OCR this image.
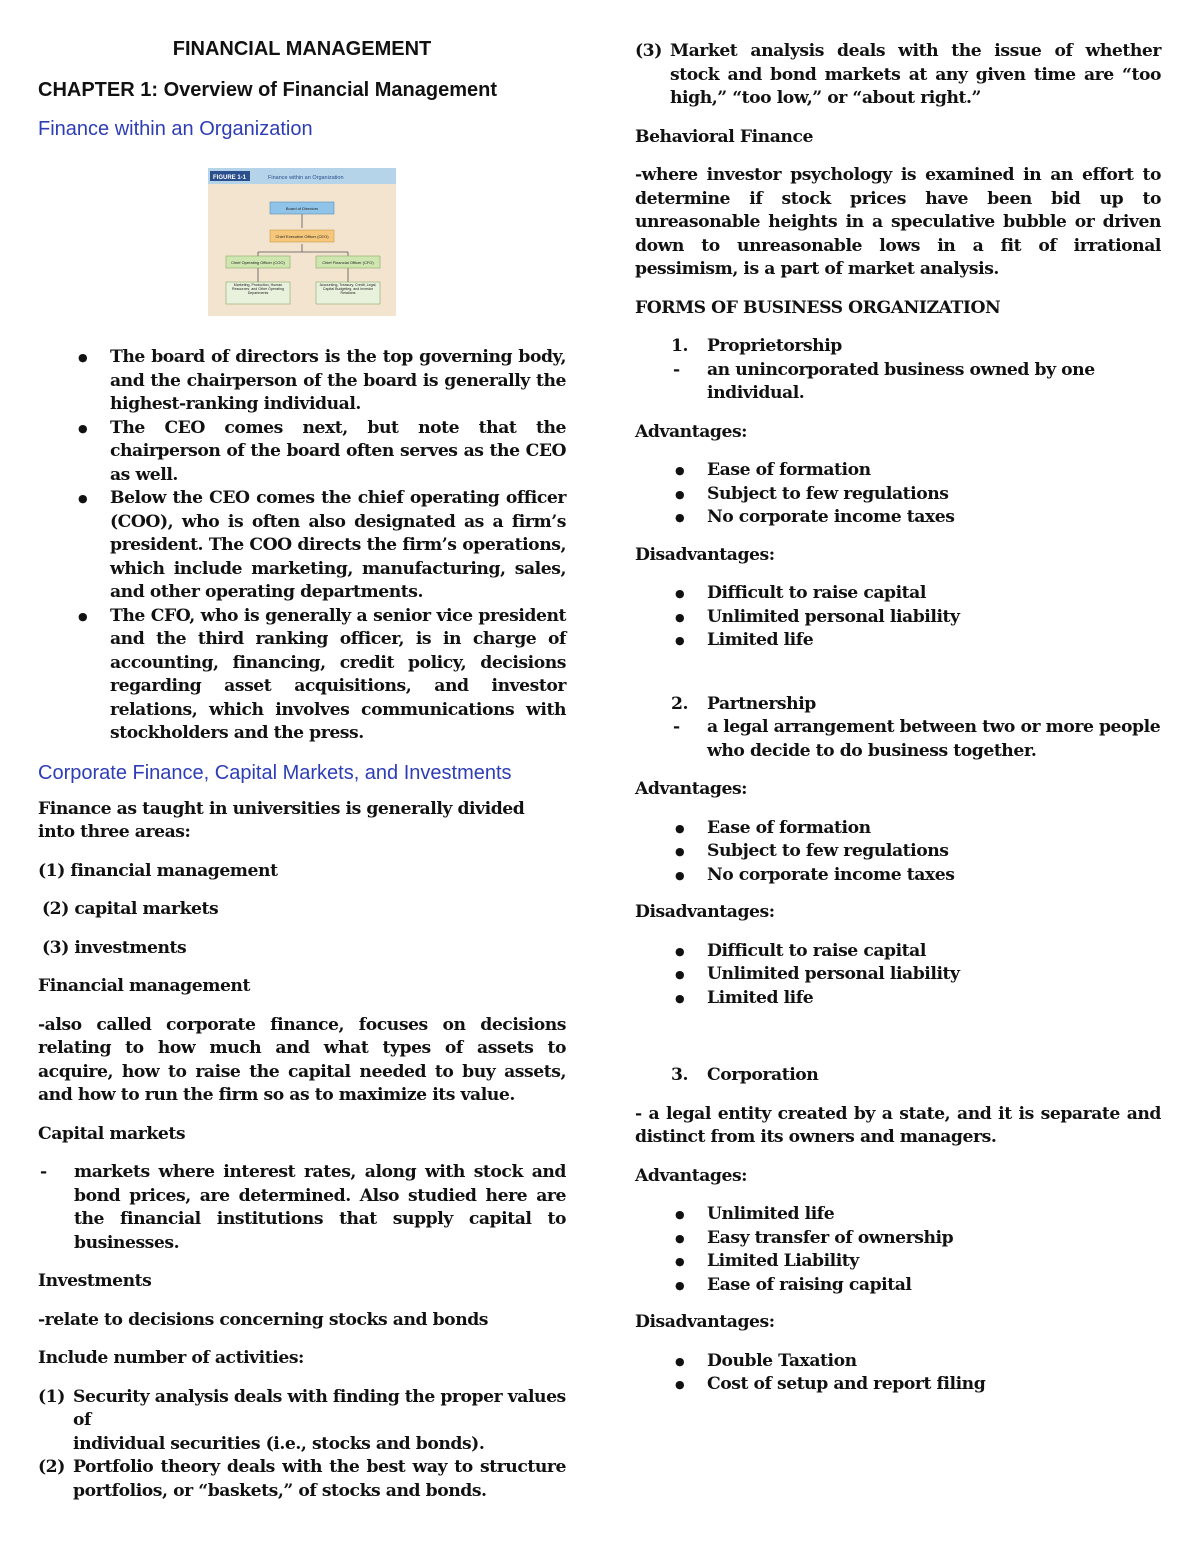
FINANCIAL MANAGEMENT
CHAPTER 1: Overview of Financial Management
Finance within an Organization
FIGURE 1-1	Finance within an Organization
Board of Directors
Chief Executive Officer (CEO)
Chief Operating Officer (COO)	Chief Financial Officer (CFO)
Marketing, Production, Human Resources, and Other Operating Departments
Accounting, Treasury, Credit, Legal, Capital Budgeting, and Investor Relations
● The board of directors is the top governing body, and the chairperson of the board is generally the highest-ranking individual.
● The CEO comes next, but note that the chairperson of the board often serves as the CEO as well.
● Below the CEO comes the chief operating officer (COO), who is often also designated as a firm’s president. The COO directs the firm’s operations, which include marketing, manufacturing, sales, and other operating departments.
● The CFO, who is generally a senior vice president and the third ranking officer, is in charge of accounting, financing, credit policy, decisions regarding asset acquisitions, and investor relations, which involves communications with stockholders and the press.
Corporate Finance, Capital Markets, and Investments

Finance as taught in universities is generally divided into three areas:

(1) financial management

(2) capital markets

(3) investments

Financial management

-also called corporate finance, focuses on decisions relating to how much and what types of assets to acquire, how to raise the capital needed to buy assets, and how to run the firm so as to maximize its value.

Capital markets

- markets where interest rates, along with stock and bond prices, are determined. Also studied here are the financial institutions that supply capital to businesses.

Investments

-relate to decisions concerning stocks and bonds

Include number of activities:

(1) Security analysis deals with finding the proper values of
individual securities (i.e., stocks and bonds).
(2) Portfolio theory deals with the best way to structure portfolios, or “baskets,” of stocks and bonds.
(3) Market analysis deals with the issue of whether stock and bond markets at any given time are “too high,” “too low,” or “about right.”

Behavioral Finance

-where investor psychology is examined in an effort to determine if stock prices have been bid up to unreasonable heights in a speculative bubble or driven down to unreasonable lows in a fit of irrational pessimism, is a part of market analysis.

FORMS OF BUSINESS ORGANIZATION

1. Proprietorship
- an unincorporated business owned by one individual.

Advantages:

● Ease of formation
● Subject to few regulations
● No corporate income taxes

Disadvantages:

● Difficult to raise capital
● Unlimited personal liability
● Limited life
2. Partnership
- a legal arrangement between two or more people who decide to do business together.

Advantages:

● Ease of formation
● Subject to few regulations
● No corporate income taxes

Disadvantages:

● Difficult to raise capital
● Unlimited personal liability
● Limited life
3. Corporation

- a legal entity created by a state, and it is separate and distinct from its owners and managers.

Advantages:

● Unlimited life
● Easy transfer of ownership
● Limited Liability
● Ease of raising capital

Disadvantages:

● Double Taxation
● Cost of setup and report filing
